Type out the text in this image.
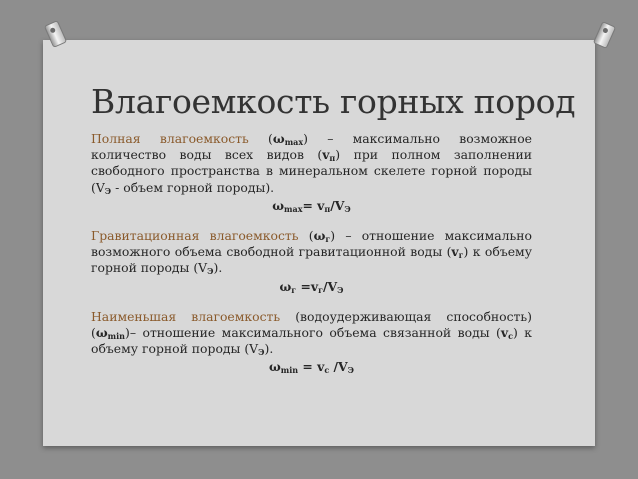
Влагоемкость горных пород

Полная влагоемкость $(\omega_{max})$ – максимально возможное количество воды всех видов $(v_п)$ при полном заполнении свободного пространства в минеральном скелете горной породы ($V_Э$ - объем горной породы).

$\omega_{max}= v_п/V_Э$

Гравитационная влагоемкость $(\omega_г)$ – отношение максимально возможного объема свободной гравитационной воды $(v_г)$ к объему горной породы $(V_Э)$.

$\omega_г =v_г/V_Э$

Наименьшая влагоемкость (водоудерживающая способность) $(\omega_{min})-$ отношение максимального объема связанной воды $(v_с)$ к объему горной породы $(V_Э)$.

$\omega_{min} = v_с$ $/V_Э$
